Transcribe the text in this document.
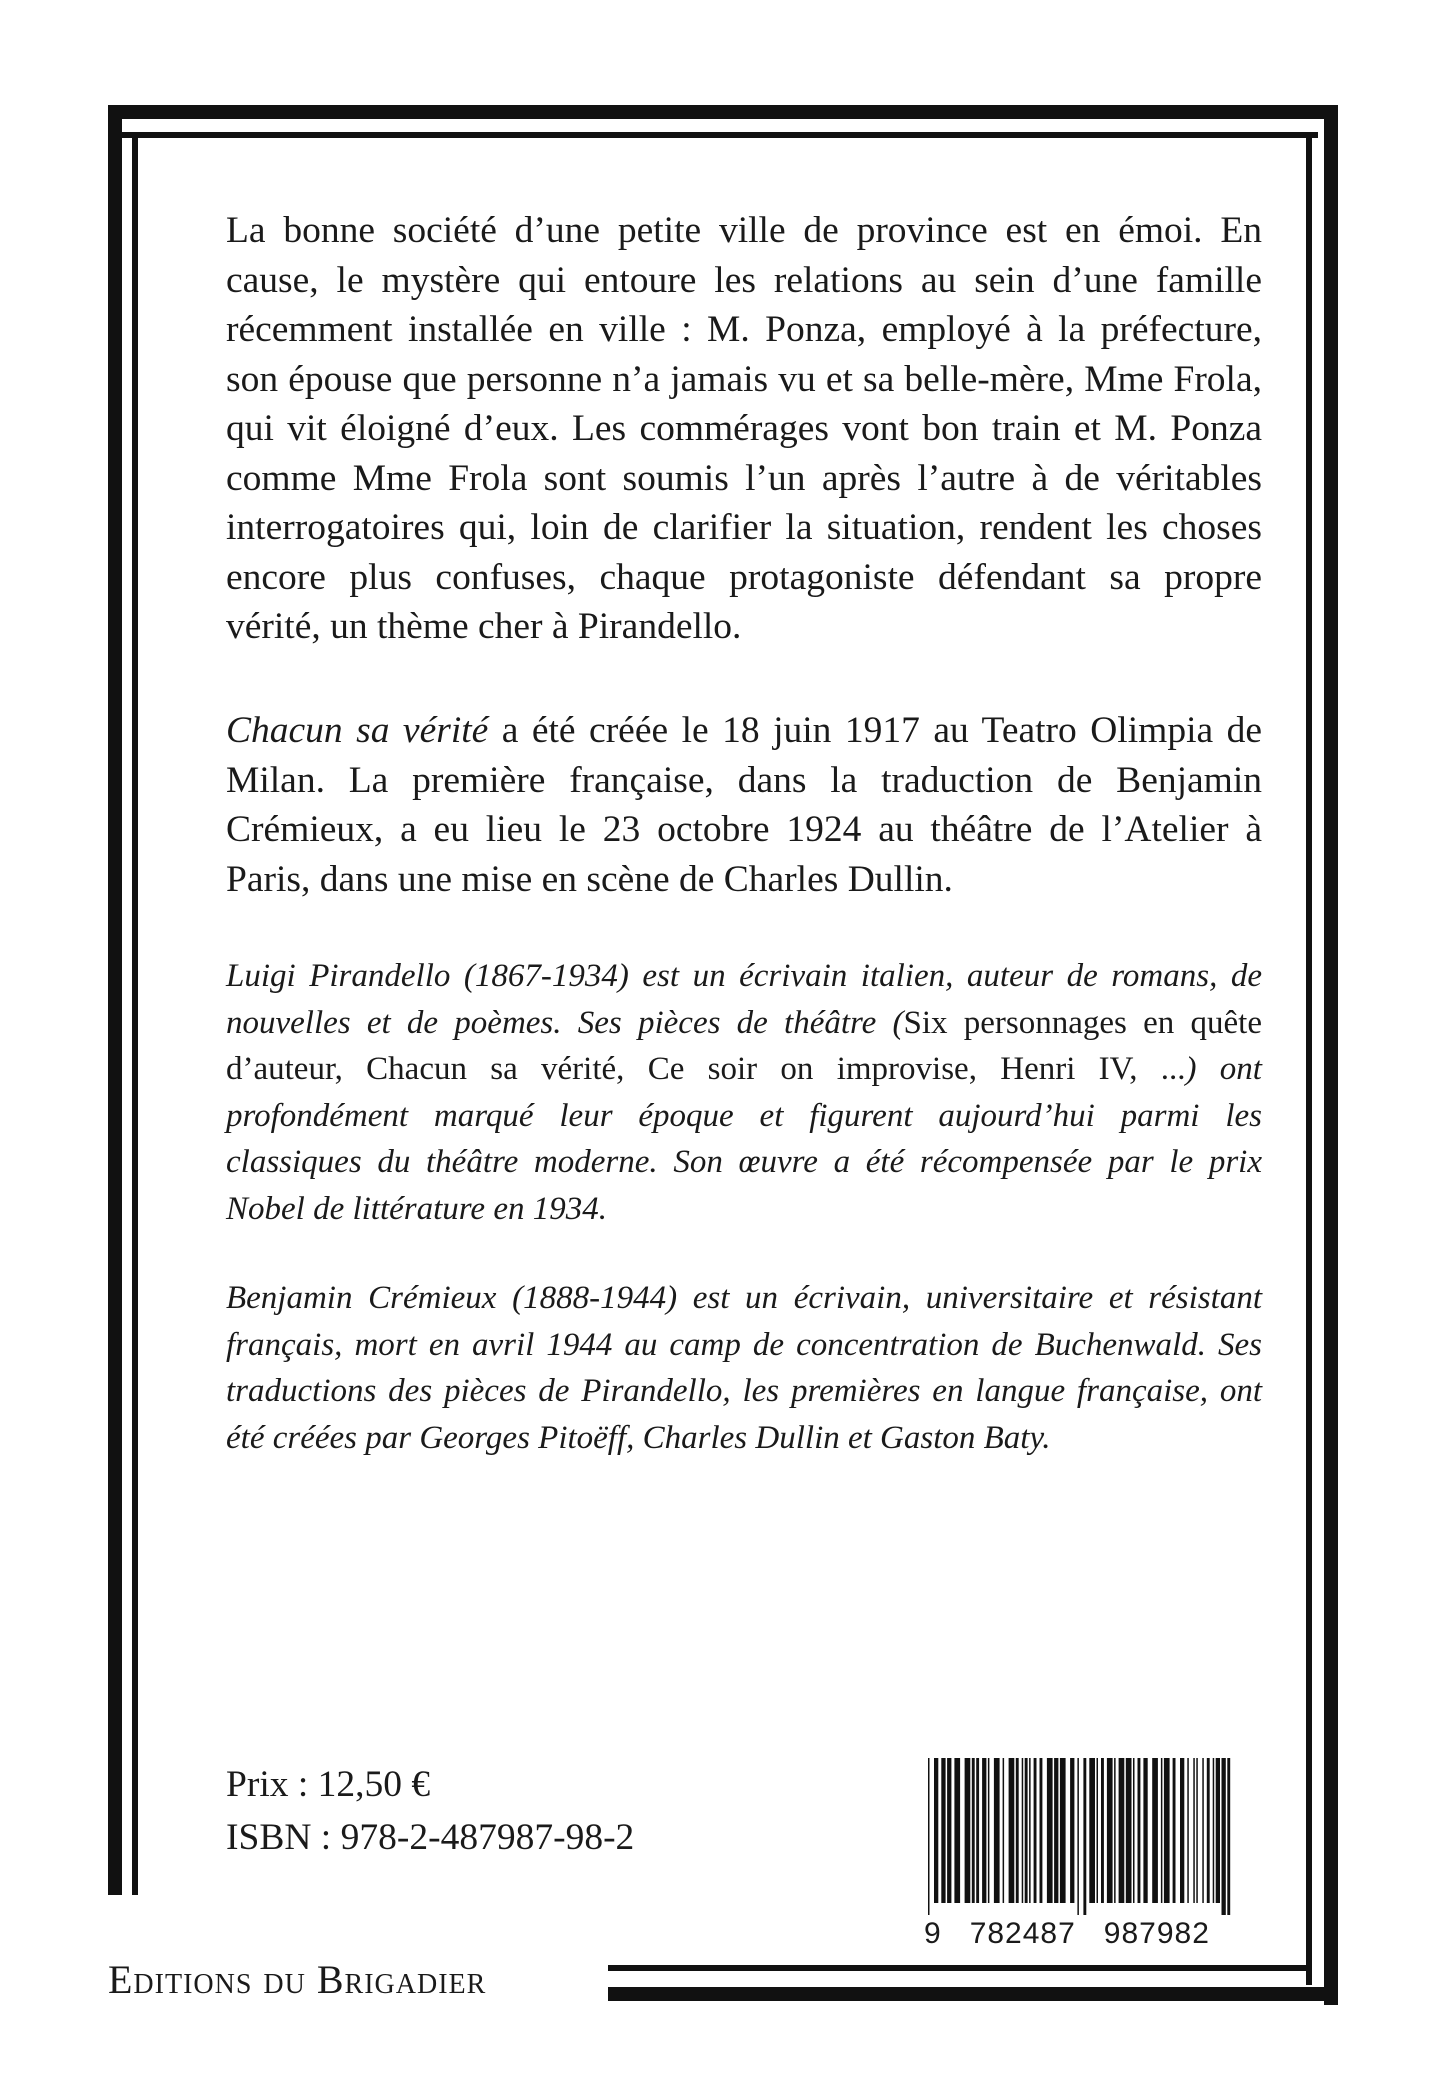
La bonne société d’une petite ville de province est en émoi. En cause, le mystère qui entoure les relations au sein d’une famille récemment installée en ville : M. Ponza, employé à la préfecture, son épouse que personne n’a jamais vu et sa belle-mère, Mme Frola, qui vit éloigné d’eux. Les commérages vont bon train et M. Ponza comme Mme Frola sont soumis l’un après l’autre à de véritables interrogatoires qui, loin de clarifier la situation, rendent les choses encore plus confuses, chaque protagoniste défendant sa propre vérité, un thème cher à Pirandello.

Chacun sa vérité a été créée le 18 juin 1917 au Teatro Olimpia de Milan. La première française, dans la traduction de Benjamin Crémieux, a eu lieu le 23 octobre 1924 au théâtre de l’Atelier à Paris, dans une mise en scène de Charles Dullin.

Luigi Pirandello (1867-1934) est un écrivain italien, auteur de romans, de nouvelles et de poèmes. Ses pièces de théâtre (Six personnages en quête d’auteur, Chacun sa vérité, Ce soir on improvise, Henri IV, ...) ont profondément marqué leur époque et figurent aujourd’hui parmi les classiques du théâtre moderne. Son œuvre a été récompensée par le prix Nobel de littérature en 1934.

Benjamin Crémieux (1888-1944) est un écrivain, universitaire et résistant français, mort en avril 1944 au camp de concentration de Buchenwald. Ses traductions des pièces de Pirandello, les premières en langue française, ont été créées par Georges Pitoëff, Charles Dullin et Gaston Baty.

Prix : 12,50 €

ISBN : 978-2-487987-98-2

9   782487   987982

Editions du Brigadier
